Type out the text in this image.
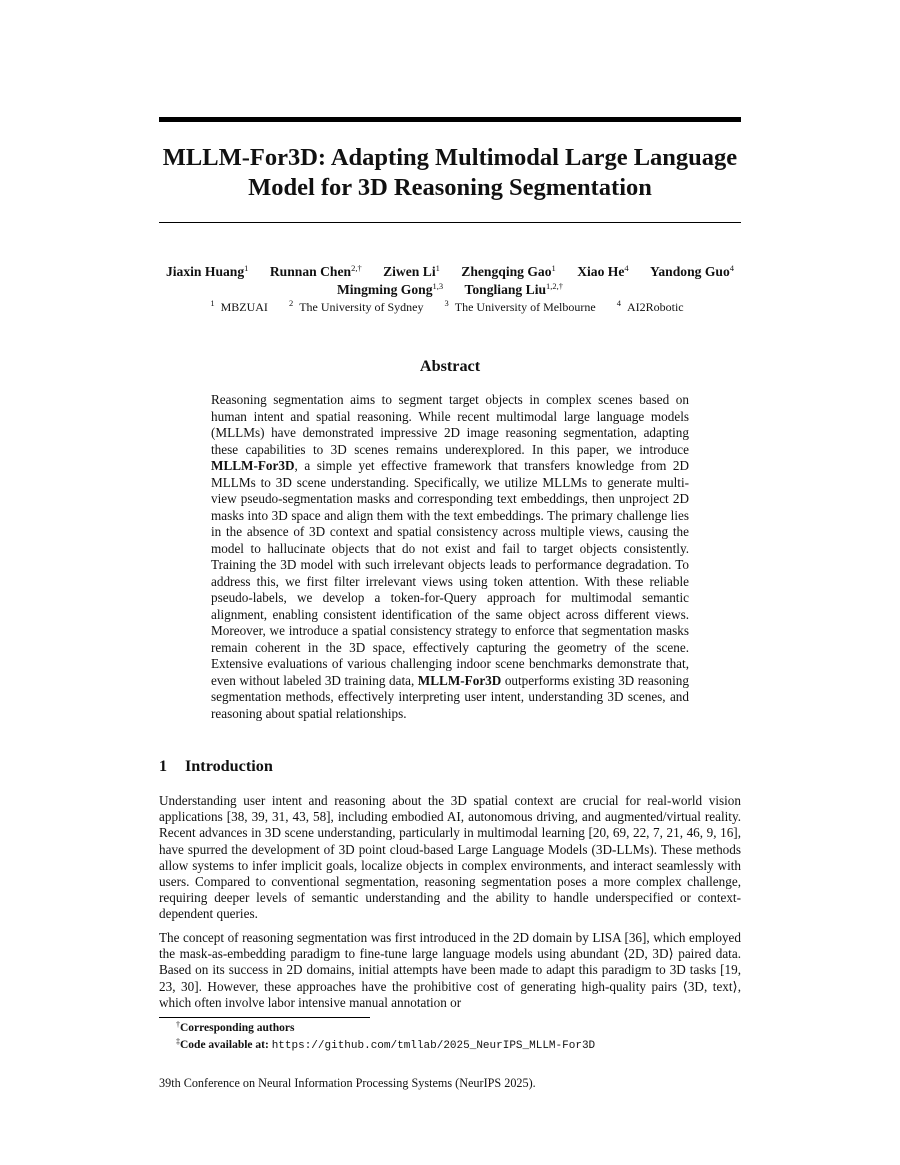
MLLM-For3D: Adapting Multimodal Large Language Model for 3D Reasoning Segmentation
Jiaxin Huang$^1$ Runnan Chen$^{2,\dagger}$ Ziwen Li$^1$ Zhengqing Gao$^1$ Xiao He$^4$ Yandong Guo$^4$
Mingming Gong$^{1,3}$ Tongliang Liu$^{1,2,\dagger}$
$^1$ MBZUAI $^2$ The University of Sydney $^3$ The University of Melbourne $^4$ AI2Robotic
Abstract

Reasoning segmentation aims to segment target objects in complex scenes based on human intent and spatial reasoning. While recent multimodal large language models (MLLMs) have demonstrated impressive 2D image reasoning segmentation, adapting these capabilities to 3D scenes remains underexplored. In this paper, we introduce MLLM-For3D, a simple yet effective framework that transfers knowledge from 2D MLLMs to 3D scene understanding. Specifically, we utilize MLLMs to generate multi-view pseudo-segmentation masks and corresponding text embeddings, then unproject 2D masks into 3D space and align them with the text embeddings. The primary challenge lies in the absence of 3D context and spatial consistency across multiple views, causing the model to hallucinate objects that do not exist and fail to target objects consistently. Training the 3D model with such irrelevant objects leads to performance degradation. To address this, we first filter irrelevant views using token attention. With these reliable pseudo-labels, we develop a token-for-Query approach for multimodal semantic alignment, enabling consistent identification of the same object across different views. Moreover, we introduce a spatial consistency strategy to enforce that segmentation masks remain coherent in the 3D space, effectively capturing the geometry of the scene. Extensive evaluations of various challenging indoor scene benchmarks demonstrate that, even without labeled 3D training data, MLLM-For3D outperforms existing 3D reasoning segmentation methods, effectively interpreting user intent, understanding 3D scenes, and reasoning about spatial relationships.

1 Introduction

Understanding user intent and reasoning about the 3D spatial context are crucial for real-world vision applications [38, 39, 31, 43, 58], including embodied AI, autonomous driving, and augmented/virtual reality. Recent advances in 3D scene understanding, particularly in multimodal learning [20, 69, 22, 7, 21, 46, 9, 16], have spurred the development of 3D point cloud-based Large Language Models (3D-LLMs). These methods allow systems to infer implicit goals, localize objects in complex environments, and interact seamlessly with users. Compared to conventional segmentation, reasoning segmentation poses a more complex challenge, requiring deeper levels of semantic understanding and the ability to handle underspecified or context-dependent queries.

The concept of reasoning segmentation was first introduced in the 2D domain by LISA [36], which employed the mask-as-embedding paradigm to fine-tune large language models using abundant ⟨2D, 3D⟩ paired data. Based on its success in 2D domains, initial attempts have been made to adapt this paradigm to 3D tasks [19, 23, 30]. However, these approaches have the prohibitive cost of generating high-quality pairs ⟨3D, text⟩, which often involve labor intensive manual annotation or

†Corresponding authors
‡Code available at: https://github.com/tmllab/2025_NeurIPS_MLLM-For3D
39th Conference on Neural Information Processing Systems (NeurIPS 2025).
